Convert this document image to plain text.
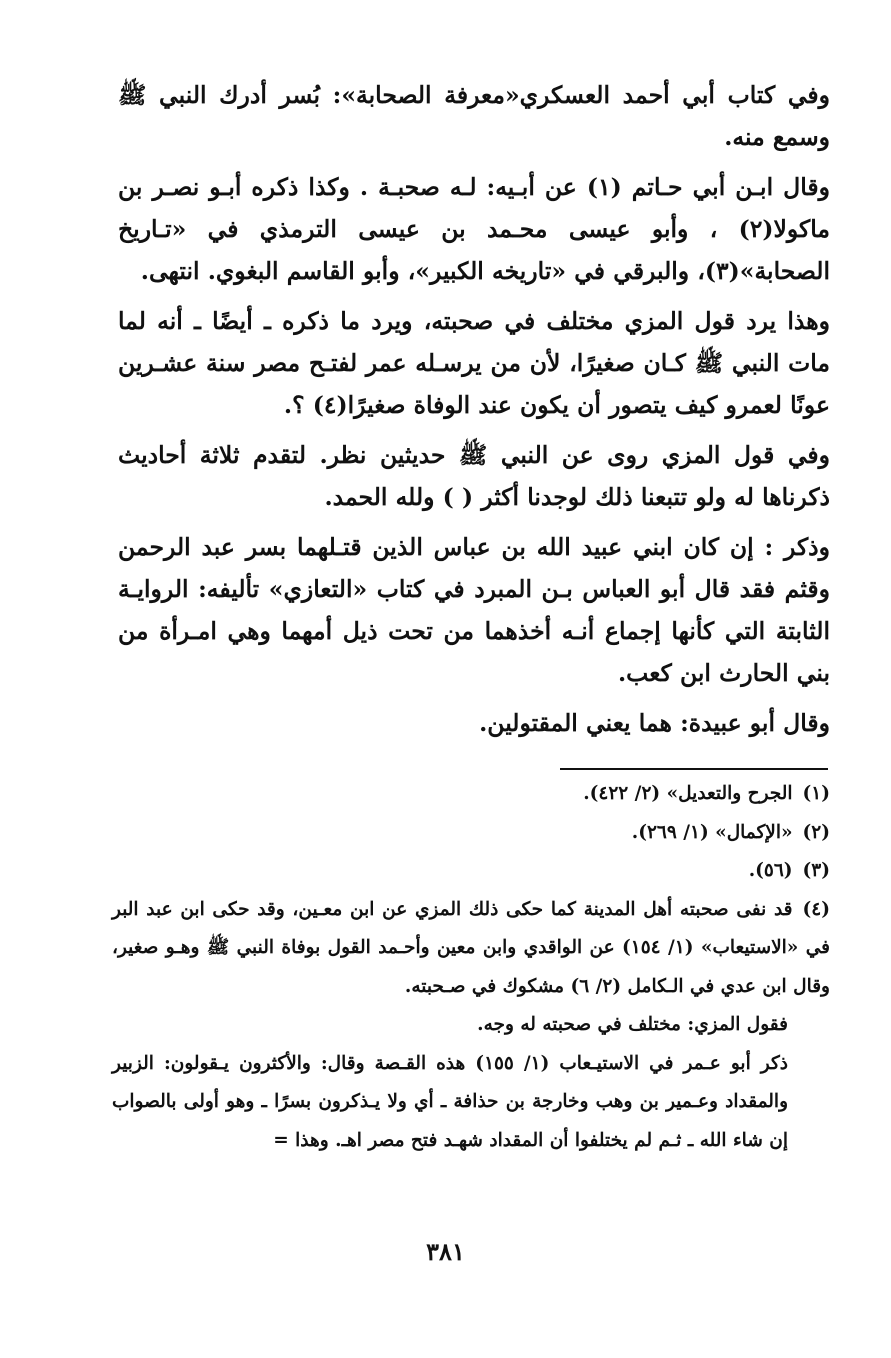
وفي كتاب أبي أحمد العسكري«معرفة الصحابة»: بُسر أدرك النبي ﷺ وسمع منه.

وقال ابـن أبي حـاتم (١) عن أبـيه: لـه صحبـة . وكذا ذكره أبـو نصـر بن ماكولا(٢) ، وأبو عيسى محـمد بن عيسى الترمذي في «تـاريخ الصحابة»(٣)، والبرقي في «تاريخه الكبير»، وأبو القاسم البغوي. انتهى.

وهذا يرد قول المزي مختلف في صحبته، ويرد ما ذكره ـ أيضًا ـ أنه لما مات النبي ﷺ كـان صغيرًا، لأن من يرسـله عمر لفتـح مصر سنة عشـرين عونًا لعمرو كيف يتصور أن يكون عند الوفاة صغيرًا(٤) ؟.

وفي قول المزي روى عن النبي ﷺ حديثين نظر. لتقدم ثلاثة أحاديث ذكرناها له ولو تتبعنا ذلك لوجدنا أكثر ( ) ولله الحمد.

وذكر : إن كان ابني عبيد الله بن عباس الذين قتـلهما بسر عبد الرحمن وقثم فقد قال أبو العباس بـن المبرد في كتاب «التعازي» تأليفه: الروايـة الثابتة التي كأنها إجماع أنـه أخذهما من تحت ذيل أمهما وهي امـرأة من بني الحارث ابن كعب.

وقال أبو عبيدة: هما يعني المقتولين.

(١)الجرح والتعديل» (٢/ ٤٢٢).

(٢)«الإكمال» (١/ ٢٦٩).

(٣)(٥٦).

(٤)قد نفى صحبته أهل المدينة كما حكى ذلك المزي عن ابن معـين، وقد حكى ابن عبد البر في «الاستيعاب» (١/ ١٥٤) عن الواقدي وابن معين وأحـمد القول بوفاة النبي ﷺ وهـو صغير، وقال ابن عدي في الـكامل (٢/ ٦) مشكوك في صـحبته.

فقول المزي: مختلف في صحبته له وجه.

ذكر أبو عـمر في الاستيـعاب (١/ ١٥٥) هذه القـصة وقال: والأكثرون يـقولون: الزبير والمقداد وعـمير بن وهب وخارجة بن حذافة ـ أي ولا يـذكرون بسرًا ـ وهو أولى بالصواب إن شاء الله ـ ثـم لم يختلفوا أن المقداد شهـد فتح مصر اهـ. وهذا =

٣٨١
